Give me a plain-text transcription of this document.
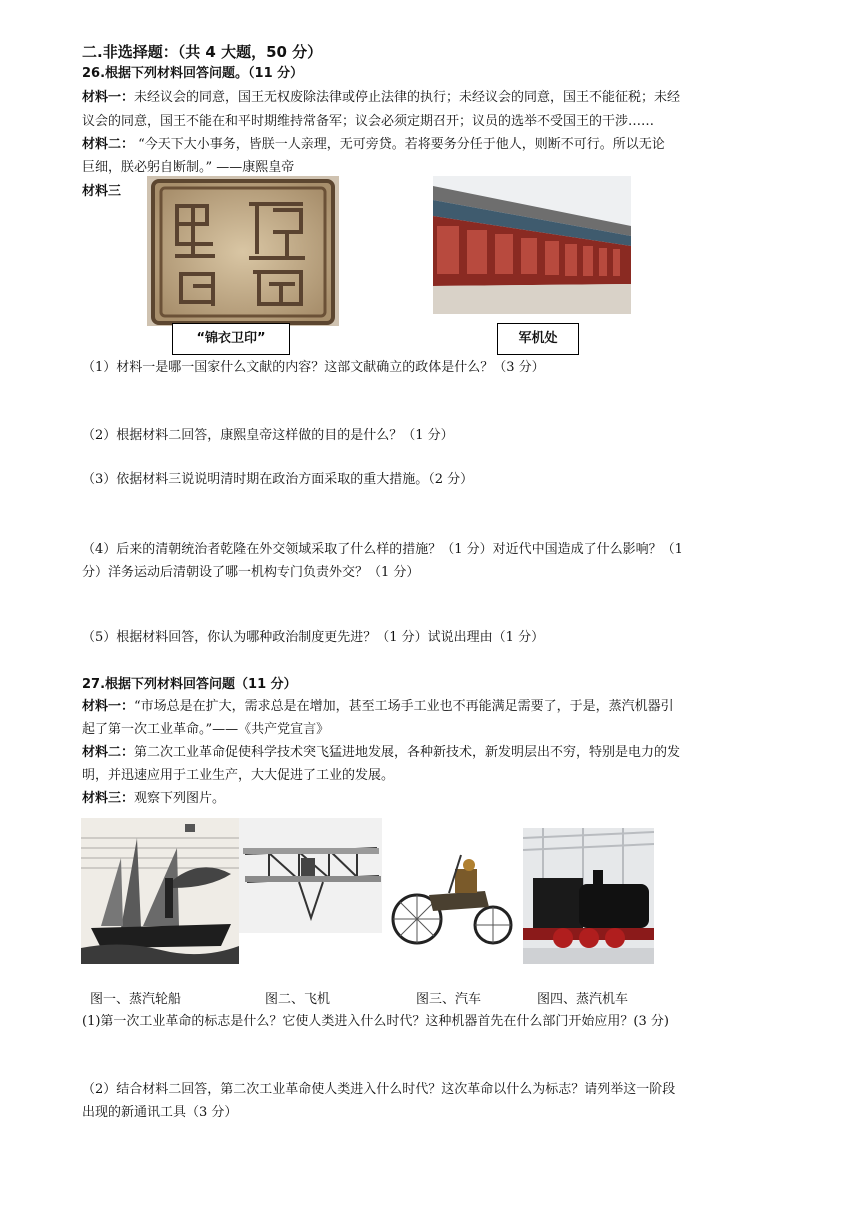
二.非选择题：（共 4 大题，50 分）
26.根据下列材料回答问题。（11 分）
材料一：未经议会的同意，国王无权废除法律或停止法律的执行；未经议会的同意，国王不能征税；未经
议会的同意，国王不能在和平时期维持常备军；议会必须定期召开；议员的选举不受国王的干涉……
材料二： “今天下大小事务，皆朕一人亲理，无可旁贷。若将要务分任于他人，则断不可行。所以无论
巨细，朕必躬自断制。” ——康熙皇帝
材料三
“锦衣卫印”	军机处
（1）材料一是哪一国家什么文献的内容？这部文献确立的政体是什么？（3 分）
（2）根据材料二回答，康熙皇帝这样做的目的是什么？（1 分）
（3）依据材料三说说明清时期在政治方面采取的重大措施。（2 分）
（4）后来的清朝统治者乾隆在外交领域采取了什么样的措施？（1 分）对近代中国造成了什么影响？（1
分）洋务运动后清朝设了哪一机构专门负责外交？（1 分）
（5）根据材料回答，你认为哪种政治制度更先进？（1 分）试说出理由（1 分）
27.根据下列材料回答问题（11 分）
材料一：“市场总是在扩大，需求总是在增加，甚至工场手工业也不再能满足需要了，于是，蒸汽机器引
起了第一次工业革命。”——《共产党宣言》
材料二：第二次工业革命促使科学技术突飞猛进地发展，各种新技术，新发明层出不穷，特别是电力的发
明，并迅速应用于工业生产，大大促进了工业的发展。
材料三：观察下列图片。
图一、蒸汽轮船	图二、飞机	图三、汽车	图四、蒸汽机车
(1)第一次工业革命的标志是什么？它使人类进入什么时代？这种机器首先在什么部门开始应用？(3 分)
（2）结合材料二回答，第二次工业革命使人类进入什么时代？这次革命以什么为标志？请列举这一阶段
出现的新通讯工具（3 分）
